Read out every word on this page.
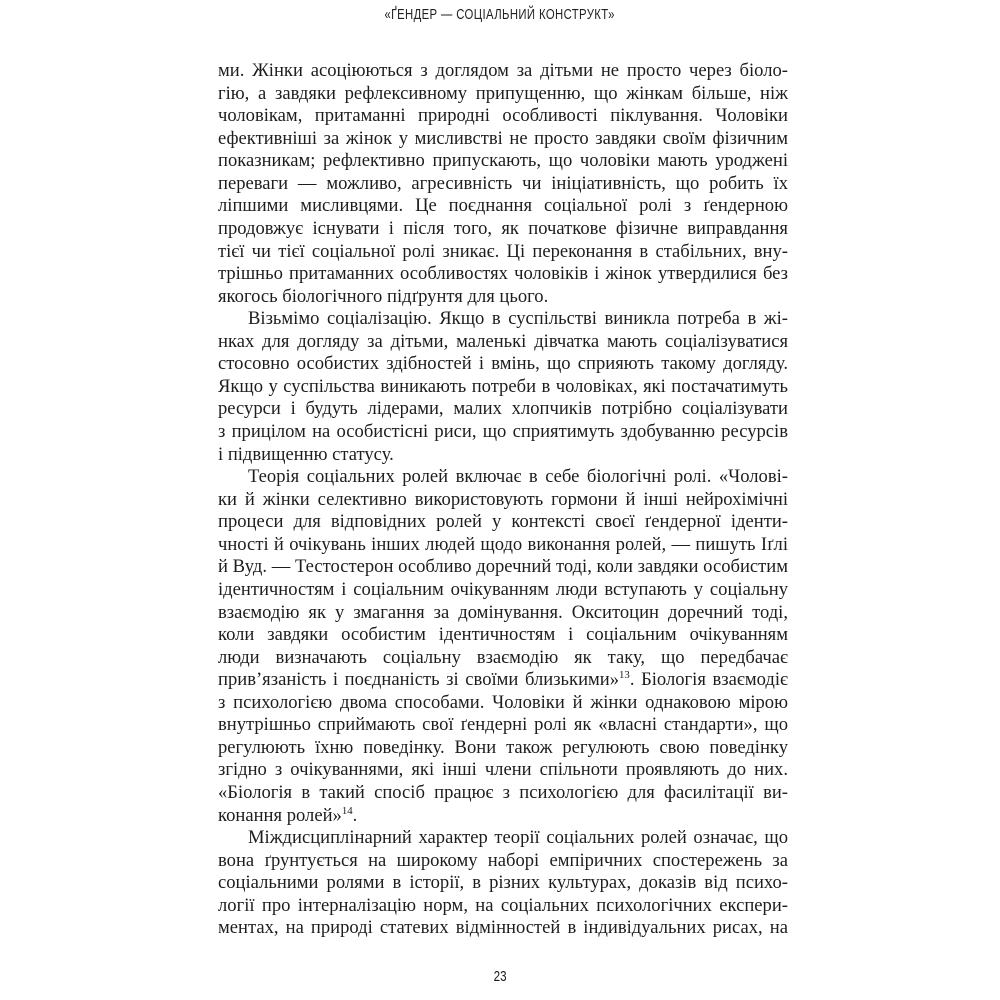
«ҐЕНДЕР — СОЦІАЛЬНИЙ КОНСТРУКТ»
ми. Жінки асоціюються з доглядом за дітьми не просто через біоло-
гію, а завдяки рефлексивному припущенню, що жінкам більше, ніж
чоловікам, притаманні природні особливості піклування. Чоловіки
ефективніші за жінок у мисливстві не просто завдяки своїм фізичним
показникам; рефлективно припускають, що чоловіки мають уроджені
переваги — можливо, агресивність чи ініціативність, що робить їх
ліпшими мисливцями. Це поєднання соціальної ролі з ґендерною
продовжує існувати і після того, як початкове фізичне виправдання
тієї чи тієї соціальної ролі зникає. Ці переконання в стабільних, вну-
трішньо притаманних особливостях чоловіків і жінок утвердилися без
якогось біологічного підґрунтя для цього.
Візьмімо соціалізацію. Якщо в суспільстві виникла потреба в жі-
нках для догляду за дітьми, маленькі дівчатка мають соціалізуватися
стосовно особистих здібностей і вмінь, що сприяють такому догляду.
Якщо у суспільства виникають потреби в чоловіках, які постачатимуть
ресурси і будуть лідерами, малих хлопчиків потрібно соціалізувати
з прицілом на особистісні риси, що сприятимуть здобуванню ресурсів
і підвищенню статусу.
Теорія соціальних ролей включає в себе біологічні ролі. «Чолові-
ки й жінки селективно використовують гормони й інші нейрохімічні
процеси для відповідних ролей у контексті своєї ґендерної іденти-
чності й очікувань інших людей щодо виконання ролей, — пишуть Іґлі
й Вуд. — Тестостерон особливо доречний тоді, коли завдяки особистим
ідентичностям і соціальним очікуванням люди вступають у соціальну
взаємодію як у змагання за домінування. Окситоцин доречний тоді,
коли завдяки особистим ідентичностям і соціальним очікуванням
люди визначають соціальну взаємодію як таку, що передбачає
прив’язаність і поєднаність зі своїми близькими»$^{13}$. Біологія взаємодіє
з психологією двома способами. Чоловіки й жінки однаковою мірою
внутрішньо сприймають свої ґендерні ролі як «власні стандарти», що
регулюють їхню поведінку. Вони також регулюють свою поведінку
згідно з очікуваннями, які інші члени спільноти проявляють до них.
«Біологія в такий спосіб працює з психологією для фасилітації ви-
конання ролей»$^{14}$.
Міждисциплінарний характер теорії соціальних ролей означає, що
вона ґрунтується на широкому наборі емпіричних спостережень за
соціальними ролями в історії, в різних культурах, доказів від психо-
логії про інтерналізацію норм, на соціальних психологічних експери-
ментах, на природі статевих відмінностей в індивідуальних рисах, на
23
